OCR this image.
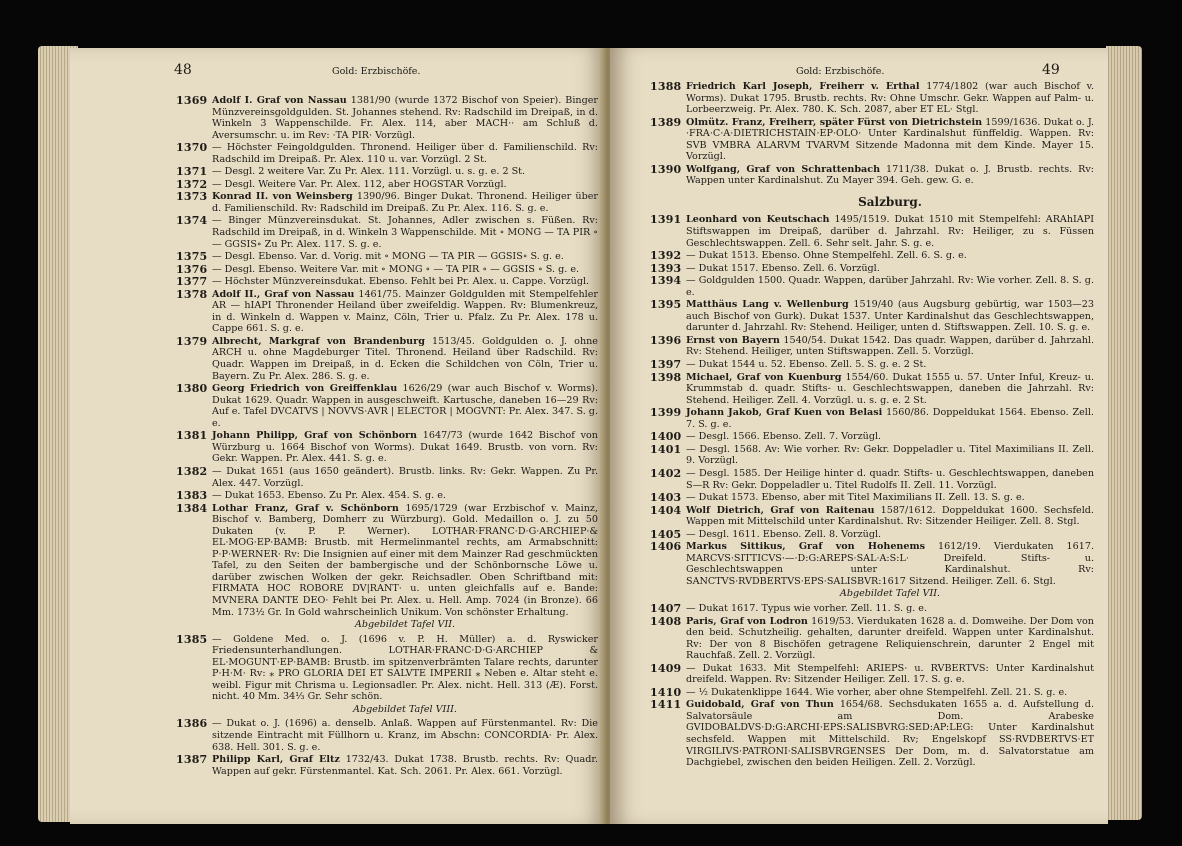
48	Gold: Erzbischöfe.
1369 Adolf I. Graf von Nassau 1381/90 (wurde 1372 Bischof von Speier). Binger Münzvereinsgoldgulden. St. Johannes stehend. Rv: Radschild im Dreipaß, in d. Winkeln 3 Wappenschilde. Fr. Alex. 114, aber MACH·· am Schluß d. Aversumschr. u. im Rev: ·TA PIR· Vorzügl.
1370 — Höchster Feingoldgulden. Thronend. Heiliger über d. Familienschild. Rv: Radschild im Dreipaß. Pr. Alex. 110 u. var. Vorzügl. 2 St.
1371 — Desgl. 2 weitere Var. Zu Pr. Alex. 111. Vorzügl. u. s. g. e. 2 St.
1372 — Desgl. Weitere Var. Pr. Alex. 112, aber HOGSTAR Vorzügl.
1373 Konrad II. von Weinsberg 1390/96. Binger Dukat. Thronend. Heiliger über d. Familienschild. Rv: Radschild im Dreipaß. Zu Pr. Alex. 116. S. g. e.
1374 — Binger Münzvereinsdukat. St. Johannes, Adler zwischen s. Füßen. Rv: Radschild im Dreipaß, in d. Winkeln 3 Wappenschilde. Mit ∘ MONG — TA PIR ∘ — GGSIS∘ Zu Pr. Alex. 117. S. g. e.
1375 — Desgl. Ebenso. Var. d. Vorig. mit ∘ MONG — TA PIR — GGSIS∘ S. g. e.
1376 — Desgl. Ebenso. Weitere Var. mit ∘ MONG ∘ — TA PIR ∘ — GGSIS ∘ S. g. e.
1377 — Höchster Münzvereinsdukat. Ebenso. Fehlt bei Pr. Alex. u. Cappe. Vorzügl.
1378 Adolf II., Graf von Nassau 1461/75. Mainzer Goldgulden mit Stempelfehler AR — hIAPI Thronender Heiland über zweifeldig. Wappen. Rv: Blumenkreuz, in d. Winkeln d. Wappen v. Mainz, Cöln, Trier u. Pfalz. Zu Pr. Alex. 178 u. Cappe 661. S. g. e.
1379 Albrecht, Markgraf von Brandenburg 1513/45. Goldgulden o. J. ohne ARCH u. ohne Magdeburger Titel. Thronend. Heiland über Radschild. Rv: Quadr. Wappen im Dreipaß, in d. Ecken die Schildchen von Cöln, Trier u. Bayern. Zu Pr. Alex. 286. S. g. e.
1380 Georg Friedrich von Greiffenklau 1626/29 (war auch Bischof v. Worms). Dukat 1629. Quadr. Wappen in ausgeschweift. Kartusche, daneben 16—29 Rv: Auf e. Tafel DVCATVS | NOVVS·AVR | ELECTOR | MOGVNT: Pr. Alex. 347. S. g. e.
1381 Johann Philipp, Graf von Schönborn 1647/73 (wurde 1642 Bischof von Würzburg u. 1664 Bischof von Worms). Dukat 1649. Brustb. von vorn. Rv: Gekr. Wappen. Pr. Alex. 441. S. g. e.
1382 — Dukat 1651 (aus 1650 geändert). Brustb. links. Rv: Gekr. Wappen. Zu Pr. Alex. 447. Vorzügl.
1383 — Dukat 1653. Ebenso. Zu Pr. Alex. 454. S. g. e.
1384 Lothar Franz, Graf v. Schönborn 1695/1729 (war Erzbischof v. Mainz, Bischof v. Bamberg, Domherr zu Würzburg). Gold. Medaillon o. J. zu 50 Dukaten (v. P. P. Werner). LOTHAR·FRANC·D·G·ARCHIEP·& EL·MOG·EP·BAMB: Brustb. mit Hermelinmantel rechts, am Armabschnitt: P·P·WERNER· Rv: Die Insignien auf einer mit dem Mainzer Rad geschmückten Tafel, zu den Seiten der bambergische und der Schönbornsche Löwe u. darüber zwischen Wolken der gekr. Reichsadler. Oben Schriftband mit: FIRMATA HOC ROBORE DV|RANT· u. unten gleichfalls auf e. Bande: MVNERA DANTE DEO· Fehlt bei Pr. Alex. u. Hell. Amp. 7024 (in Bronze). 66 Mm. 173½ Gr. In Gold wahrscheinlich Unikum. Von schönster Erhaltung.
Abgebildet Tafel VII.
1385 — Goldene Med. o. J. (1696 v. P. H. Müller) a. d. Ryswicker Friedensunterhandlungen. LOTHAR·FRANC·D·G·ARCHIEP & EL·MOGUNT·EP·BAMB: Brustb. im spitzenverbrämten Talare rechts, darunter P·H·M· Rv: ⁎ PRO GLORIA DEI ET SALVTE IMPERII ⁎ Neben e. Altar steht e. weibl. Figur mit Chrisma u. Legionsadler. Pr. Alex. nicht. Hell. 313 (Æ). Forst. nicht. 40 Mm. 34⅓ Gr. Sehr schön.
Abgebildet Tafel VIII.
1386 — Dukat o. J. (1696) a. denselb. Anlaß. Wappen auf Fürstenmantel. Rv: Die sitzende Eintracht mit Füllhorn u. Kranz, im Abschn: CONCORDIA· Pr. Alex. 638. Hell. 301. S. g. e.
1387 Philipp Karl, Graf Eltz 1732/43. Dukat 1738. Brustb. rechts. Rv: Quadr. Wappen auf gekr. Fürstenmantel. Kat. Sch. 2061. Pr. Alex. 661. Vorzügl.
Gold: Erzbischöfe.	49
1388 Friedrich Karl Joseph, Freiherr v. Erthal 1774/1802 (war auch Bischof v. Worms). Dukat 1795. Brustb. rechts. Rv: Ohne Umschr. Gekr. Wappen auf Palm- u. Lorbeerzweig. Pr. Alex. 780. K. Sch. 2087, aber ET EL· Stgl.
1389 Olmütz. Franz, Freiherr, später Fürst von Dietrichstein 1599/1636. Dukat o. J. ·FRA·C·A·DIETRICHSTAIN·EP·OLO· Unter Kardinalshut fünffeldig. Wappen. Rv: SVB VMBRA ALARVM TVARVM Sitzende Madonna mit dem Kinde. Mayer 15. Vorzügl.
1390 Wolfgang, Graf von Schrattenbach 1711/38. Dukat o. J. Brustb. rechts. Rv: Wappen unter Kardinalshut. Zu Mayer 394. Geh. gew. G. e.
Salzburg.
1391 Leonhard von Keutschach 1495/1519. Dukat 1510 mit Stempelfehl: ARAhIAPI Stiftswappen im Dreipaß, darüber d. Jahrzahl. Rv: Heiliger, zu s. Füssen Geschlechtswappen. Zell. 6. Sehr selt. Jahr. S. g. e.
1392 — Dukat 1513. Ebenso. Ohne Stempelfehl. Zell. 6. S. g. e.
1393 — Dukat 1517. Ebenso. Zell. 6. Vorzügl.
1394 — Goldgulden 1500. Quadr. Wappen, darüber Jahrzahl. Rv: Wie vorher. Zell. 8. S. g. e.
1395 Matthäus Lang v. Wellenburg 1519/40 (aus Augsburg gebürtig, war 1503—23 auch Bischof von Gurk). Dukat 1537. Unter Kardinalshut das Geschlechtswappen, darunter d. Jahrzahl. Rv: Stehend. Heiliger, unten d. Stiftswappen. Zell. 10. S. g. e.
1396 Ernst von Bayern 1540/54. Dukat 1542. Das quadr. Wappen, darüber d. Jahrzahl. Rv: Stehend. Heiliger, unten Stiftswappen. Zell. 5. Vorzügl.
1397 — Dukat 1544 u. 52. Ebenso. Zell. 5. S. g. e. 2 St.
1398 Michael, Graf von Kuenburg 1554/60. Dukat 1555 u. 57. Unter Inful, Kreuz- u. Krummstab d. quadr. Stifts- u. Geschlechtswappen, daneben die Jahrzahl. Rv: Stehend. Heiliger. Zell. 4. Vorzügl. u. s. g. e. 2 St.
1399 Johann Jakob, Graf Kuen von Belasi 1560/86. Doppeldukat 1564. Ebenso. Zell. 7. S. g. e.
1400 — Desgl. 1566. Ebenso. Zell. 7. Vorzügl.
1401 — Desgl. 1568. Av: Wie vorher. Rv: Gekr. Doppeladler u. Titel Maximilians II. Zell. 9. Vorzügl.
1402 — Desgl. 1585. Der Heilige hinter d. quadr. Stifts- u. Geschlechtswappen, daneben S—R Rv: Gekr. Doppeladler u. Titel Rudolfs II. Zell. 11. Vorzügl.
1403 — Dukat 1573. Ebenso, aber mit Titel Maximilians II. Zell. 13. S. g. e.
1404 Wolf Dietrich, Graf von Raitenau 1587/1612. Doppeldukat 1600. Sechsfeld. Wappen mit Mittelschild unter Kardinalshut. Rv: Sitzender Heiliger. Zell. 8. Stgl.
1405 — Desgl. 1611. Ebenso. Zell. 8. Vorzügl.
1406 Markus Sittikus, Graf von Hohenems 1612/19. Vierdukaten 1617. MARCVS·SITTICVS·—·D:G:AREPS·SAL·A:S:L· Dreifeld. Stifts- u. Geschlechtswappen unter Kardinalshut. Rv: SANCTVS·RVDBERTVS·EPS·SALISBVR:1617 Sitzend. Heiliger. Zell. 6. Stgl.
Abgebildet Tafel VII.
1407 — Dukat 1617. Typus wie vorher. Zell. 11. S. g. e.
1408 Paris, Graf von Lodron 1619/53. Vierdukaten 1628 a. d. Domweihe. Der Dom von den beid. Schutzheilig. gehalten, darunter dreifeld. Wappen unter Kardinalshut. Rv: Der von 8 Bischöfen getragene Reliquienschrein, darunter 2 Engel mit Rauchfaß. Zell. 2. Vorzügl.
1409 — Dukat 1633. Mit Stempelfehl: ARIEPS· u. RVBERTVS: Unter Kardinalshut dreifeld. Wappen. Rv: Sitzender Heiliger. Zell. 17. S. g. e.
1410 — ¹⁄₂ Dukatenklippe 1644. Wie vorher, aber ohne Stempelfehl. Zell. 21. S. g. e.
1411 Guidobald, Graf von Thun 1654/68. Sechsdukaten 1655 a. d. Aufstellung d. Salvatorsäule am Dom. Arabeske GVIDOBALDVS·D:G:ARCHI·EPS:SALISBVRG:SED:AP:LEG: Unter Kardinalshut sechsfeld. Wappen mit Mittelschild. Rv; Engelskopf SS·RVDBERTVS·ET VIRGILIVS·PATRONI·SALISBVRGENSES Der Dom, m. d. Salvatorstatue am Dachgiebel, zwischen den beiden Heiligen. Zell. 2. Vorzügl.
